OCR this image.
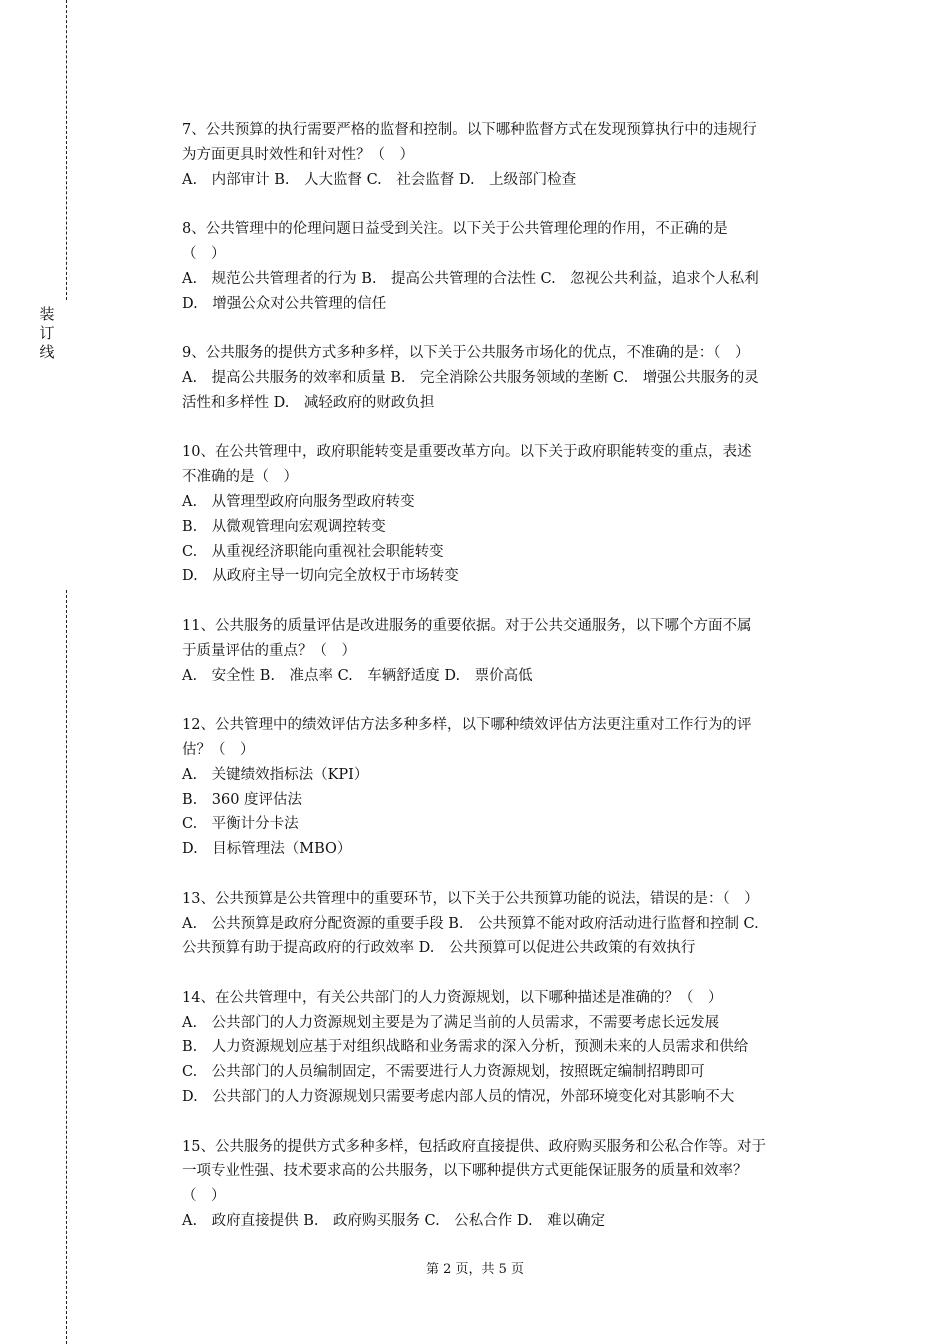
装
订
线

7、公共预算的执行需要严格的监督和控制。以下哪种监督方式在发现预算执行中的违规行

为方面更具时效性和针对性？（　）

A.　内部审计 B.　人大监督 C.　社会监督 D.　上级部门检查

8、公共管理中的伦理问题日益受到关注。以下关于公共管理伦理的作用，不正确的是

（　）

A.　规范公共管理者的行为 B.　提高公共管理的合法性 C.　忽视公共利益，追求个人私利

D.　增强公众对公共管理的信任

9、公共服务的提供方式多种多样，以下关于公共服务市场化的优点，不准确的是：（　）

A.　提高公共服务的效率和质量 B.　完全消除公共服务领域的垄断 C.　增强公共服务的灵

活性和多样性 D.　减轻政府的财政负担

10、在公共管理中，政府职能转变是重要改革方向。以下关于政府职能转变的重点，表述

不准确的是（　）

A.　从管理型政府向服务型政府转变

B.　从微观管理向宏观调控转变

C.　从重视经济职能向重视社会职能转变

D.　从政府主导一切向完全放权于市场转变

11、公共服务的质量评估是改进服务的重要依据。对于公共交通服务，以下哪个方面不属

于质量评估的重点？（　）

A.　安全性 B.　准点率 C.　车辆舒适度 D.　票价高低

12、公共管理中的绩效评估方法多种多样，以下哪种绩效评估方法更注重对工作行为的评

估？（　）

A.　关键绩效指标法（KPI）

B.　360 度评估法

C.　平衡计分卡法

D.　目标管理法（MBO）

13、公共预算是公共管理中的重要环节，以下关于公共预算功能的说法，错误的是：（　）

A.　公共预算是政府分配资源的重要手段 B.　公共预算不能对政府活动进行监督和控制 C.

公共预算有助于提高政府的行政效率 D.　公共预算可以促进公共政策的有效执行

14、在公共管理中，有关公共部门的人力资源规划，以下哪种描述是准确的？（　）

A.　公共部门的人力资源规划主要是为了满足当前的人员需求，不需要考虑长远发展

B.　人力资源规划应基于对组织战略和业务需求的深入分析，预测未来的人员需求和供给

C.　公共部门的人员编制固定，不需要进行人力资源规划，按照既定编制招聘即可

D.　公共部门的人力资源规划只需要考虑内部人员的情况，外部环境变化对其影响不大

15、公共服务的提供方式多种多样，包括政府直接提供、政府购买服务和公私合作等。对于

一项专业性强、技术要求高的公共服务，以下哪种提供方式更能保证服务的质量和效率？

（　）

A.　政府直接提供 B.　政府购买服务 C.　公私合作 D.　难以确定

第 2 页，共 5 页
